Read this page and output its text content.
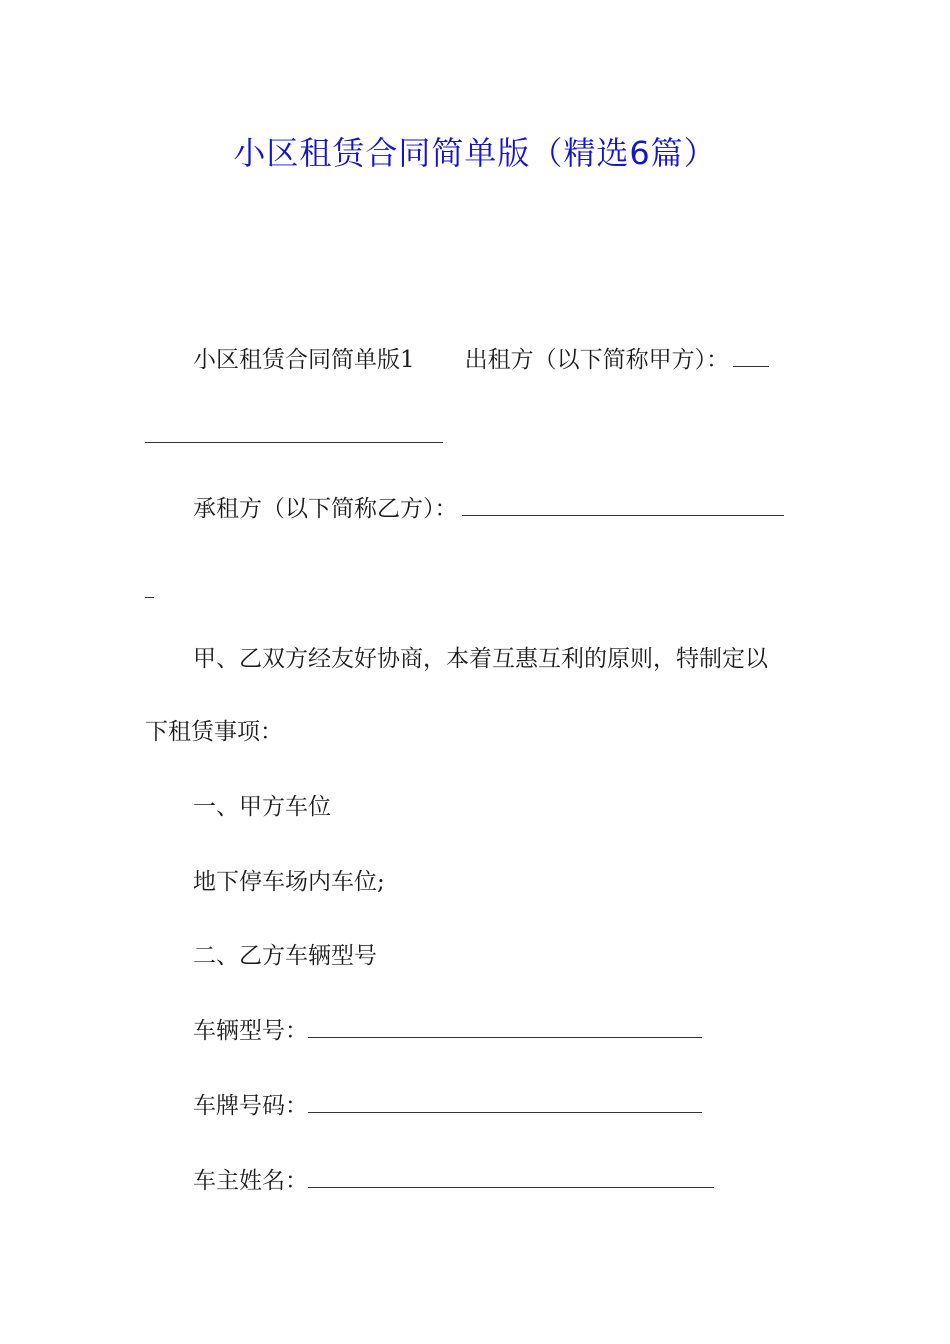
小区租赁合同简单版（精选6篇）
小区租赁合同简单版1 出租方（以下简称甲方）：
承租方（以下简称乙方）：
甲、乙双方经友好协商，本着互惠互利的原则，特制定以
下租赁事项：
一、甲方车位
地下停车场内车位;
二、乙方车辆型号
车辆型号：
车牌号码：
车主姓名：
